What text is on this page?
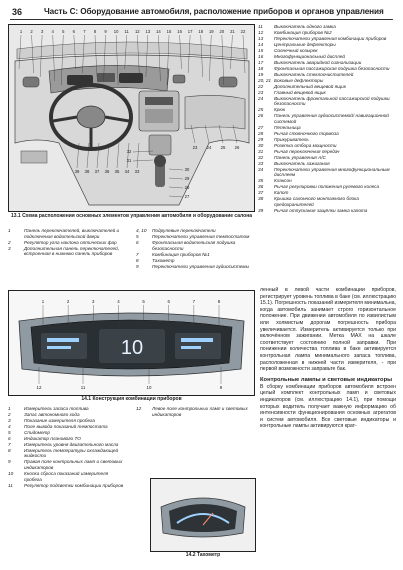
36	Часть С: Оборудование автомобиля, расположение приборов и органов управления
1 2 3 4 5 6 7 8 9 10 11 12 13 14 15 16 17 18 19 20 21 22
39 38 37 36 35 34 33
32
31
30
29
28
27
23 24 25 26
13.1 Схема расположения основных элементов управления автомобиля и оборудование салона
11	Выключатель одного замка
12	Комбинация приборов №2
13	Переключатели управления комбинации приборов
14	Центральные дефлекторы
15	Солнечный козырек
16	Многофункциональный дисплей
17	Выключатель аварийной сигнализации
18	Фронтальная пассажирская подушка безопасности
19	Выключатель стеклоочистителей
20, 21 Боковые дефлекторы
22	Дополнительный вещевой ящик
23	Главный вещевой ящик
24	Выключатель фронтальной пассажирской подушки безопасности
25	Крюк
26	Панель управления аудиосистемой/ навигационной системой
27	Пепельница
28	Рычаг стояночного тормоза
29	Прикуриватель
30	Розетка отбора мощности
31	Рычаг переключения передач
32	Панель управления A/C
33	Выключатель зажигания
34	Переключатели управления многофункциональным дисплеем
35	Клаксон
36	Рычаг регулировки положения рулевого колеса
37	Капот
38	Крышка салонного монтажного блока предохранителей
39	Рычаг отпускания защёлки замка капота
1	Панель переключателей, выключателей и подключения водительской двери
2	Регулятор угла наклона оптических фар
3	Дополнительная панель переключателей, встроенная в нижнюю панель приборов
4, 10	Подрулевые переключатели
5	Переключатели управления темпостатом
6	Фронтальная водительская подушка безопасности
7	Комбинация приборов №1
8	Тахометр
9	Переключатели управления аудиосистемы
1	2	3	4	5	6	7	8
10
12	11	10	9
14.1 Конструкция комбинации приборов
1	Измеритель запаса топлива
2	Запас автономного хода
3	Показание измерителя пробега
4	Поле вывода показаний темпостата
5	Спидометр
6	Индикатор планового ТО
7	Измеритель уровня двигательного масла
8	Измеритель температуры охлаждающей жидкости
9	Правая поле контрольных ламп и световых индикаторов
10	Кнопка сброса показаний измерителя пробега
11	Регулятор подсветки комбинации приборов
12	Левое поле контрольных ламп и световых индикаторов
14.2 Тахометр

ленный в левой части комбинации приборов, регистрирует уровень топлива в баке (см. иллюстрацию 15.1). Погрешность показаний измерителя минимальна, когда автомобиль занимает строго горизонтальное положение. При движении автомобиля по извилистым или холмистым дорогам погрешность прибора увеличивается. Измеритель активируется только при включённом зажигании. Метка MAX на шкале соответствует состоянию полной заправки. При понижении количества топлива в баке активируется контрольная лампа минимального запаса топлива, расположенная в нижней части измерителя, - при первой возможности заправьте бак.

Контрольные лампы и световые индикаторы

В сборку комбинации приборов автомобиля встроен целый комплект контрольных ламп и световых индикаторов (см. иллюстрацию 14.1), при помощи которых водитель получает важную информацию об интенсивности функционирования основных агрегатов и систем автомобиля. Все световые индикаторы и контрольные лампы активируются крат-
